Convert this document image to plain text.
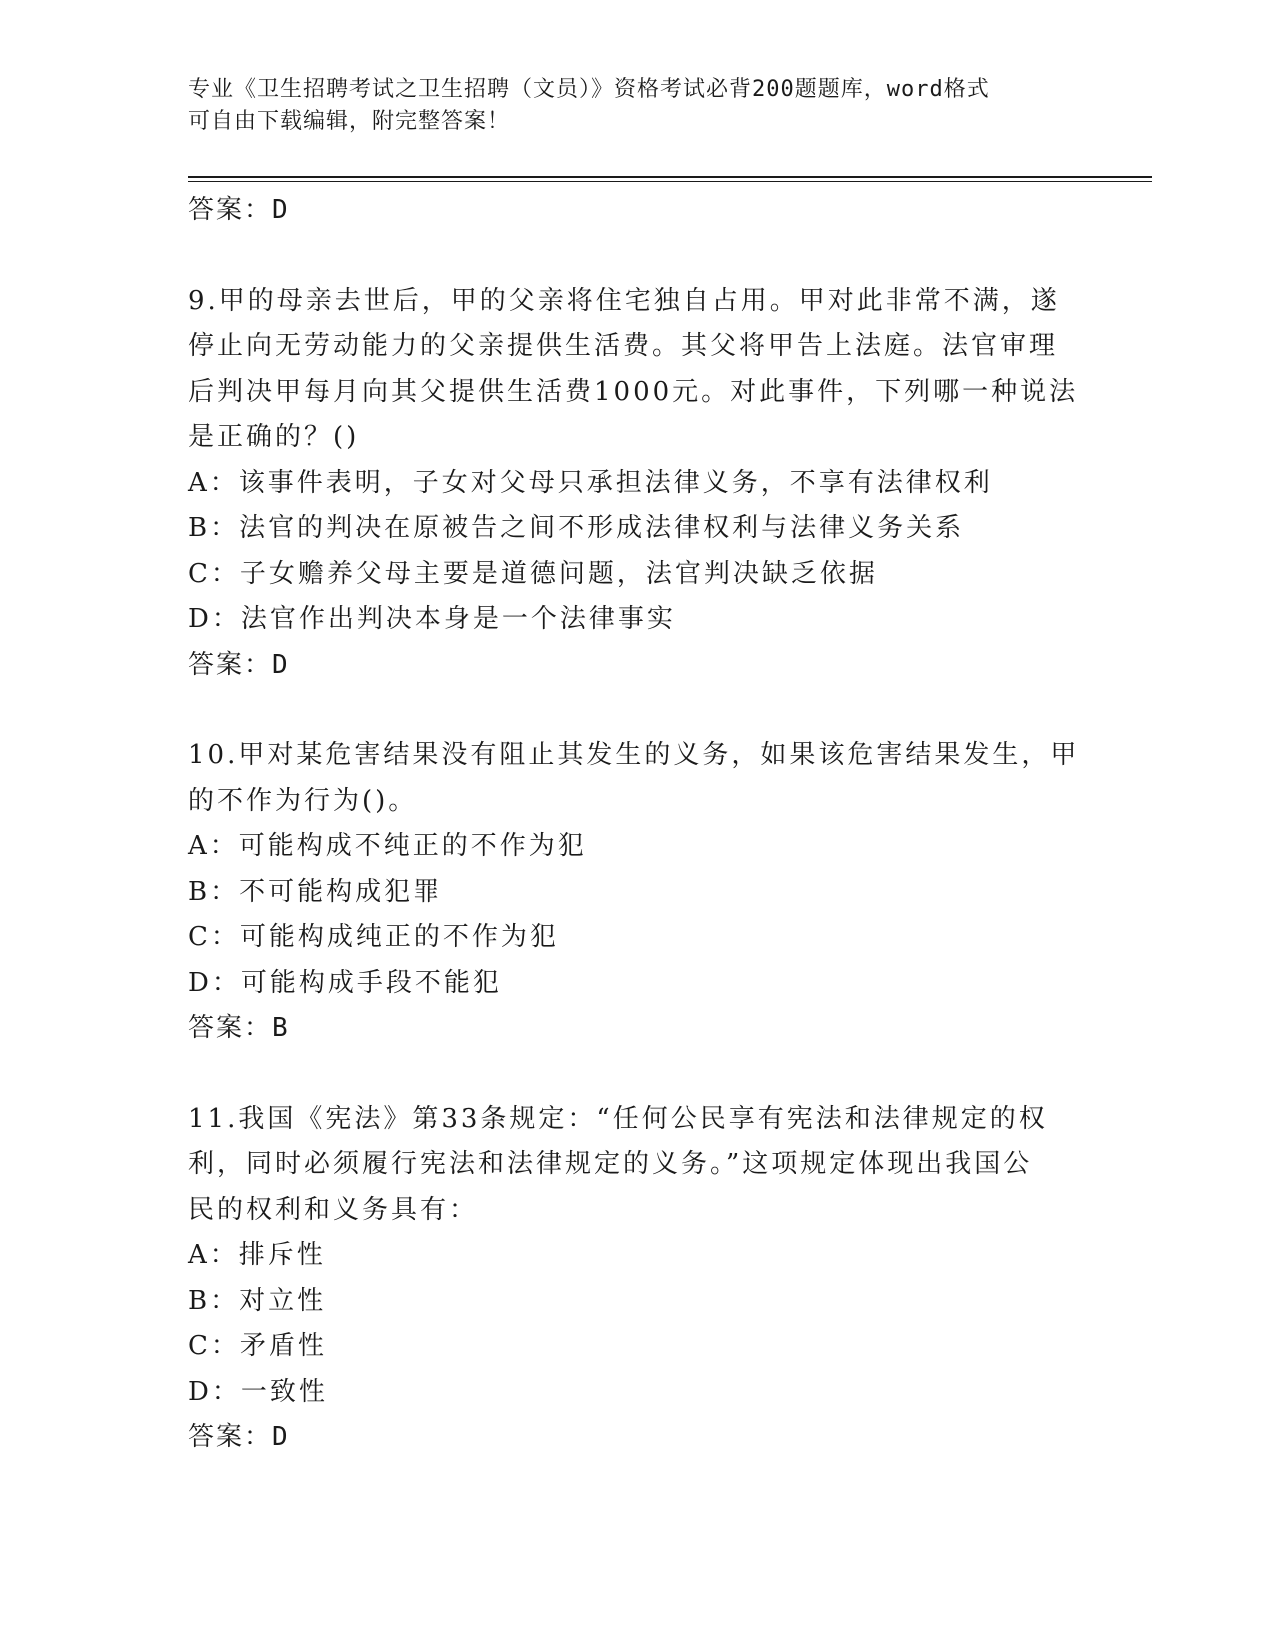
专业《卫生招聘考试之卫生招聘（文员）》资格考试必背200题题库，word格式
可自由下载编辑，附完整答案！
答案：D
9.甲的母亲去世后，甲的父亲将住宅独自占用。甲对此非常不满，遂
停止向无劳动能力的父亲提供生活费。其父将甲告上法庭。法官审理
后判决甲每月向其父提供生活费1000元。对此事件，下列哪一种说法
是正确的？()
A：该事件表明，子女对父母只承担法律义务，不享有法律权利
B：法官的判决在原被告之间不形成法律权利与法律义务关系
C：子女赡养父母主要是道德问题，法官判决缺乏依据
D：法官作出判决本身是一个法律事实
答案：D
10.甲对某危害结果没有阻止其发生的义务，如果该危害结果发生，甲
的不作为行为()。
A：可能构成不纯正的不作为犯
B：不可能构成犯罪
C：可能构成纯正的不作为犯
D：可能构成手段不能犯
答案：B
11.我国《宪法》第33条规定：“任何公民享有宪法和法律规定的权
利，同时必须履行宪法和法律规定的义务。”这项规定体现出我国公
民的权利和义务具有：
A：排斥性
B：对立性
C：矛盾性
D：一致性
答案：D
